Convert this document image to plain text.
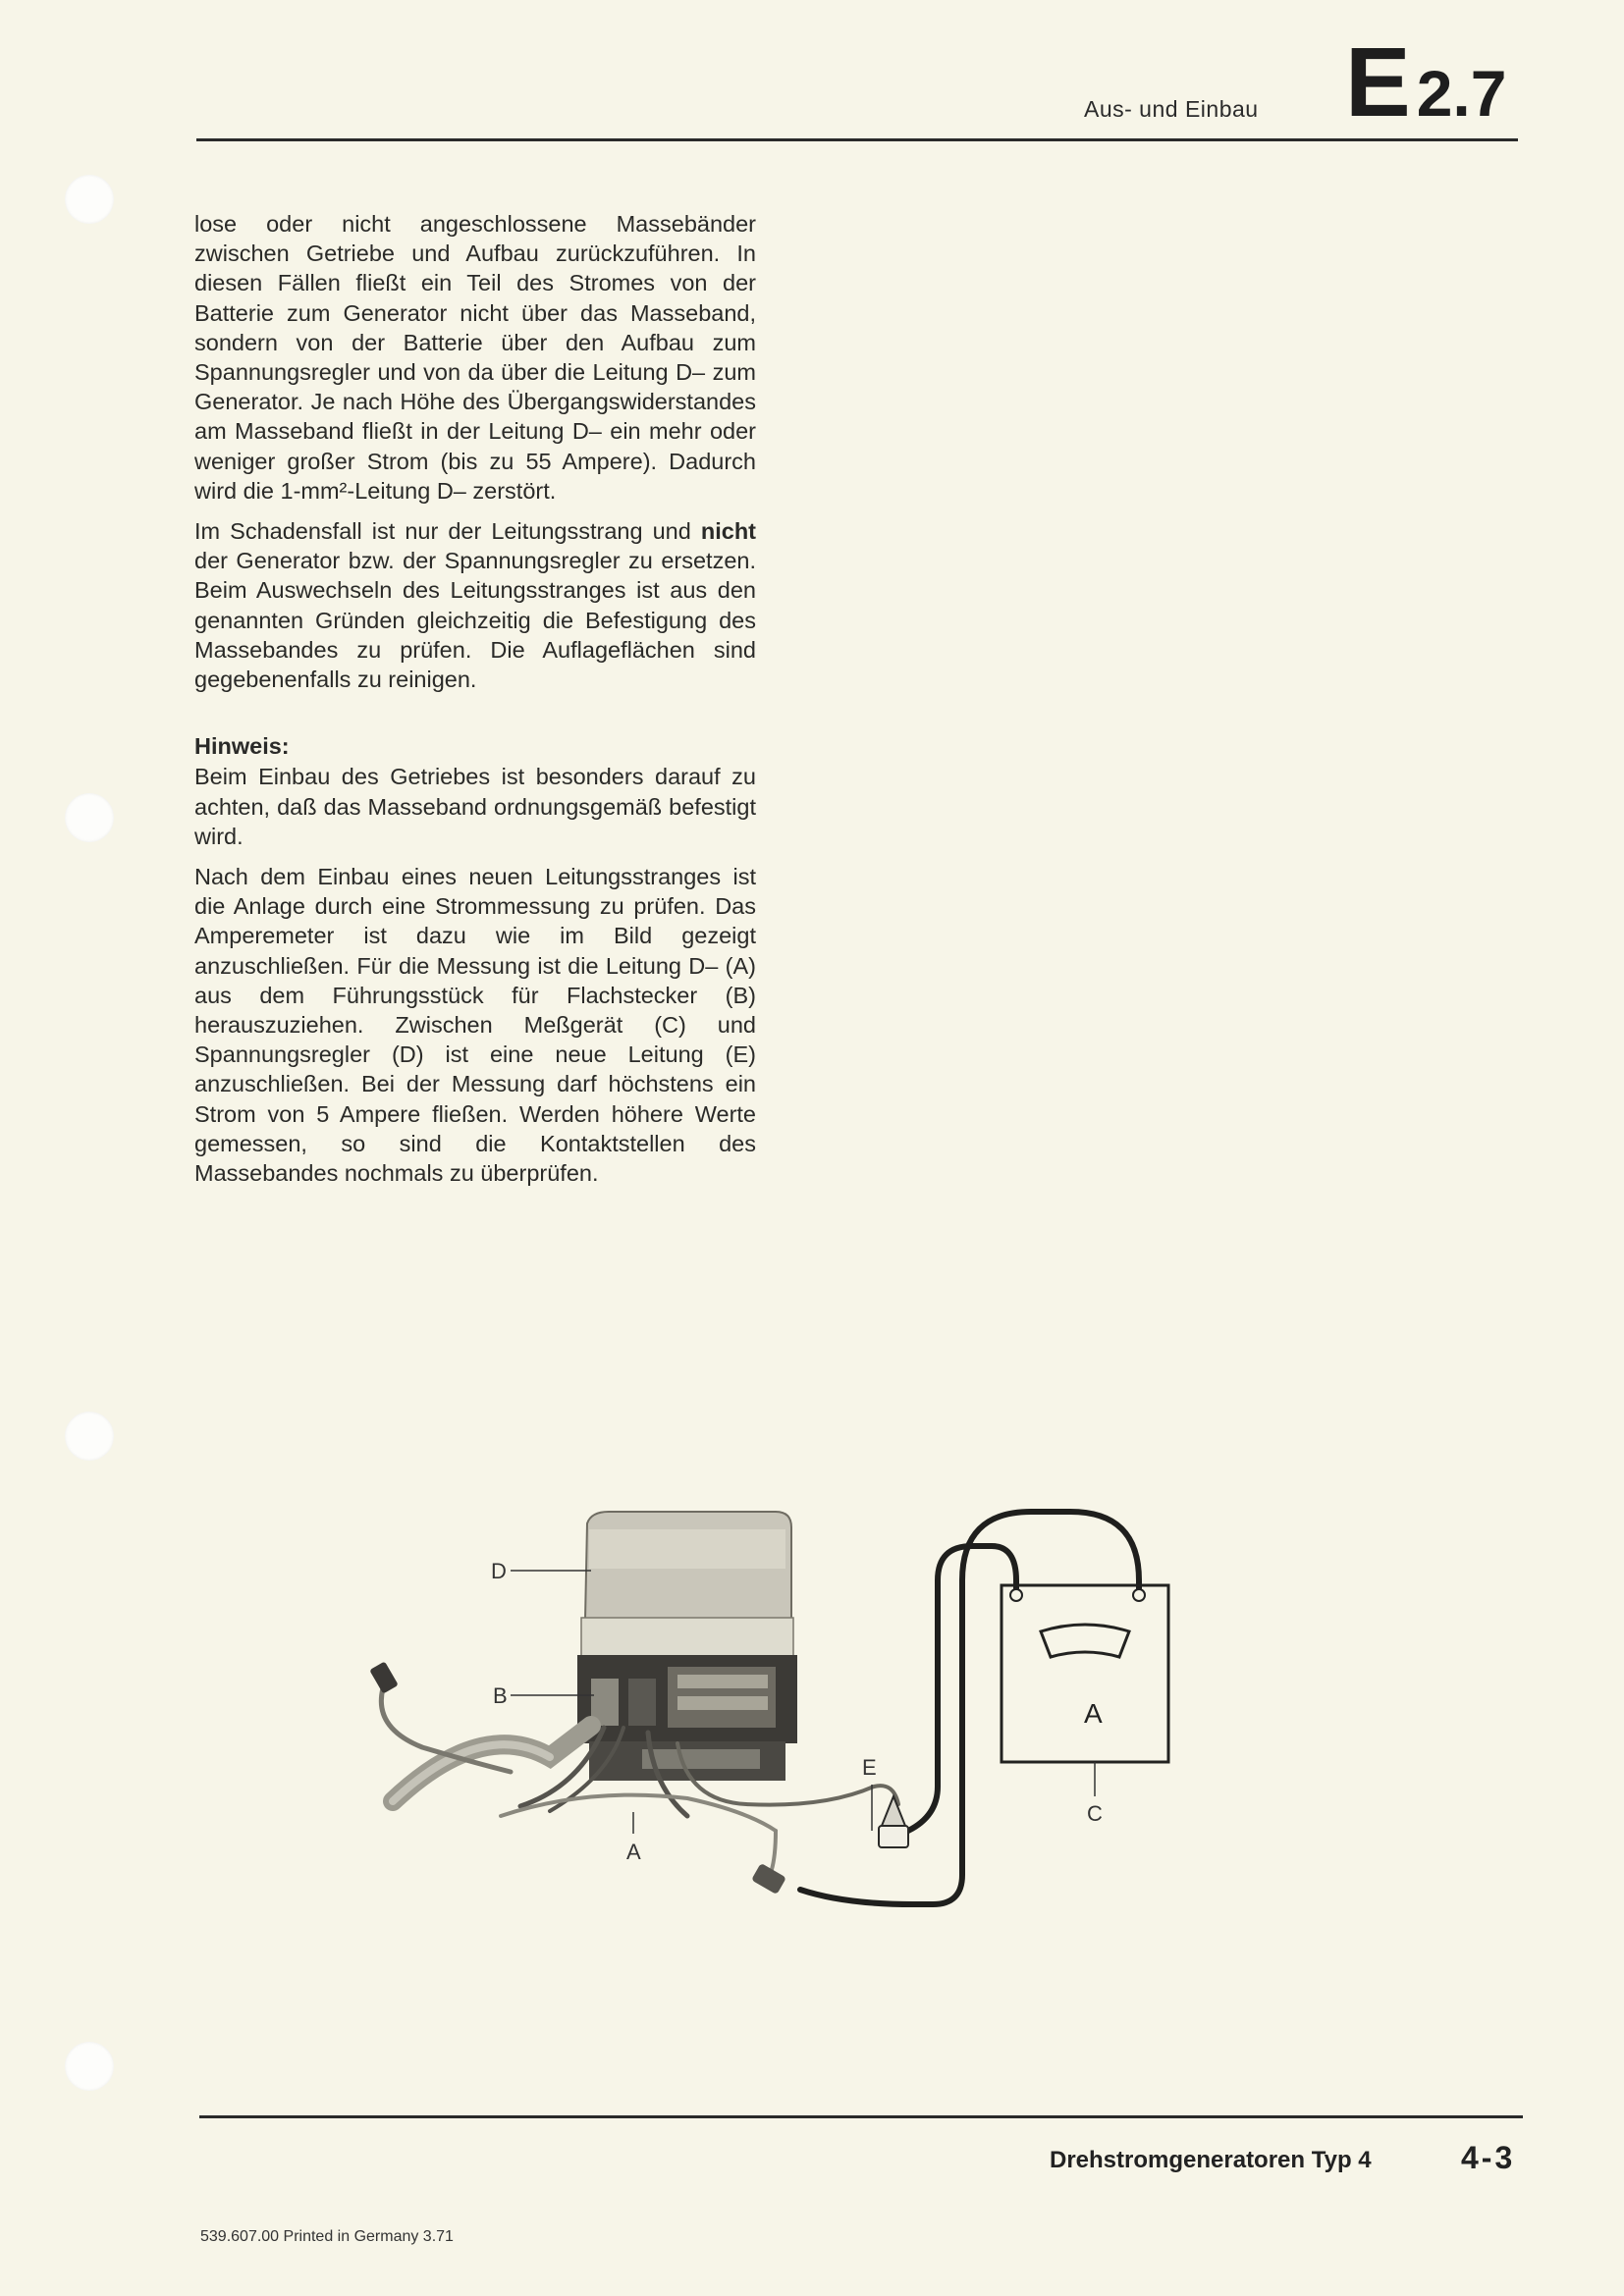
Aus- und Einbau E2.7

lose oder nicht angeschlossene Massebänder zwischen Getriebe und Aufbau zurückzuführen. In diesen Fällen fließt ein Teil des Stromes von der Batterie zum Generator nicht über das Masseband, sondern von der Batterie über den Aufbau zum Spannungsregler und von da über die Leitung D– zum Generator. Je nach Höhe des Übergangswiderstandes am Masseband fließt in der Leitung D– ein mehr oder weniger großer Strom (bis zu 55 Ampere). Dadurch wird die 1-mm²-Leitung D– zerstört.

Im Schadensfall ist nur der Leitungsstrang und nicht der Generator bzw. der Spannungsregler zu ersetzen. Beim Auswechseln des Leitungsstranges ist aus den genannten Gründen gleichzeitig die Befestigung des Massebandes zu prüfen. Die Auflageflächen sind gegebenenfalls zu reinigen.

Hinweis:

Beim Einbau des Getriebes ist besonders darauf zu achten, daß das Masseband ordnungsgemäß befestigt wird.

Nach dem Einbau eines neuen Leitungsstranges ist die Anlage durch eine Strommessung zu prüfen. Das Amperemeter ist dazu wie im Bild gezeigt anzuschließen. Für die Messung ist die Leitung D– (A) aus dem Führungsstück für Flachstecker (B) herauszuziehen. Zwischen Meßgerät (C) und Spannungsregler (D) ist eine neue Leitung (E) anzuschließen. Bei der Messung darf höchstens ein Strom von 5 Ampere fließen. Werden höhere Werte gemessen, so sind die Kontaktstellen des Massebandes nochmals zu überprüfen.

D
B
A
E
C
A
Drehstromgeneratoren Typ 4	4-3
539.607.00 Printed in Germany 3.71
